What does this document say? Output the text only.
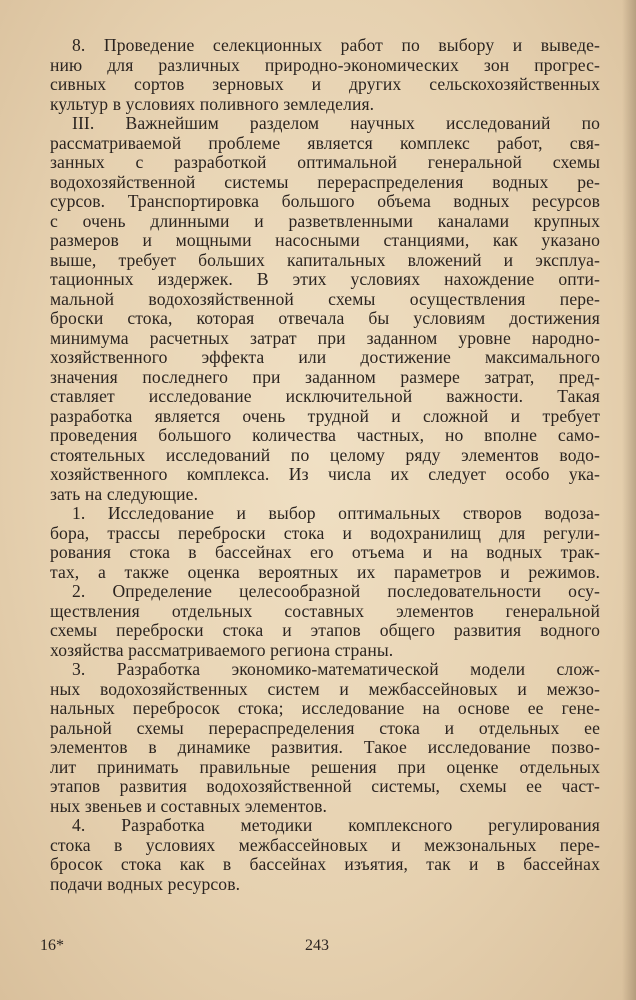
8. Проведение селекционных работ по выбору и выведе-
нию для различных природно-экономических зон прогрес-
сивных сортов зерновых и других сельскохозяйственных
культур в условиях поливного земледелия.
III. Важнейшим разделом научных исследований по
рассматриваемой проблеме является комплекс работ, свя-
занных с разработкой оптимальной генеральной схемы
водохозяйственной системы перераспределения водных ре-
сурсов. Транспортировка большого объема водных ресурсов
с очень длинными и разветвленными каналами крупных
размеров и мощными насосными станциями, как указано
выше, требует больших капитальных вложений и эксплуа-
тационных издержек. В этих условиях нахождение опти-
мальной водохозяйственной схемы осуществления пере-
броски стока, которая отвечала бы условиям достижения
минимума расчетных затрат при заданном уровне народно-
хозяйственного эффекта или достижение максимального
значения последнего при заданном размере затрат, пред-
ставляет исследование исключительной важности. Такая
разработка является очень трудной и сложной и требует
проведения большого количества частных, но вполне само-
стоятельных исследований по целому ряду элементов водо-
хозяйственного комплекса. Из числа их следует особо ука-
зать на следующие.
1. Исследование и выбор оптимальных створов водоза-
бора, трассы переброски стока и водохранилищ для регули-
рования стока в бассейнах его отъема и на водных трак-
тах, а также оценка вероятных их параметров и режимов.
2. Определение целесообразной последовательности осу-
ществления отдельных составных элементов генеральной
схемы переброски стока и этапов общего развития водного
хозяйства рассматриваемого региона страны.
3. Разработка экономико-математической модели слож-
ных водохозяйственных систем и межбассейновых и межзо-
нальных перебросок стока; исследование на основе ее гене-
ральной схемы перераспределения стока и отдельных ее
элементов в динамике развития. Такое исследование позво-
лит принимать правильные решения при оценке отдельных
этапов развития водохозяйственной системы, схемы ее част-
ных звеньев и составных элементов.
4. Разработка методики комплексного регулирования
стока в условиях межбассейновых и межзональных пере-
бросок стока как в бассейнах изъятия, так и в бассейнах
подачи водных ресурсов.
16*	243
